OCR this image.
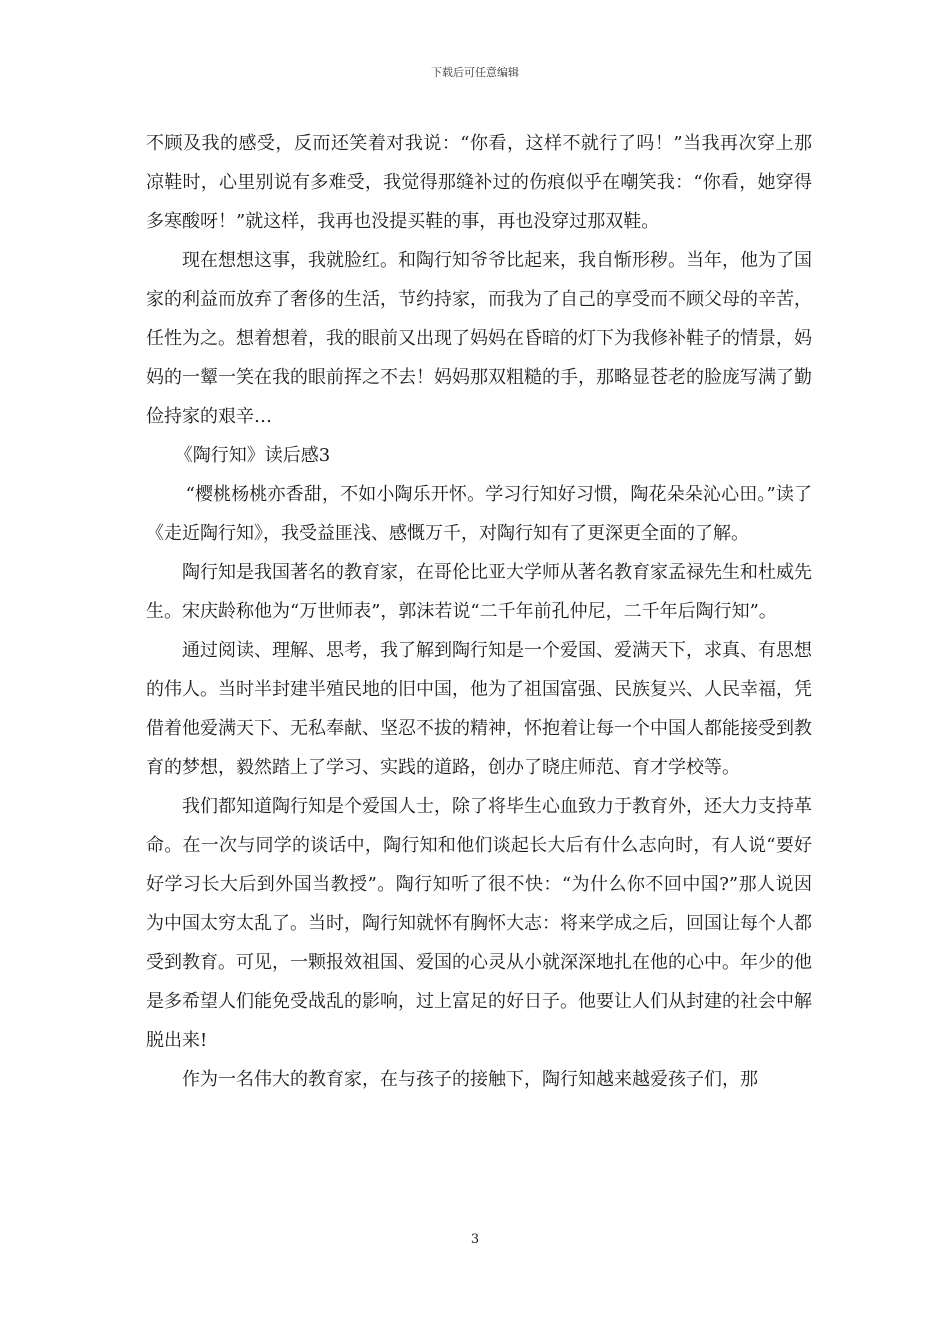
下载后可任意编辑

不顾及我的感受，反而还笑着对我说：“你看，这样不就行了吗！”当我再次穿上那凉鞋时，心里别说有多难受，我觉得那缝补过的伤痕似乎在嘲笑我：“你看，她穿得多寒酸呀！”就这样，我再也没提买鞋的事，再也没穿过那双鞋。

现在想想这事，我就脸红。和陶行知爷爷比起来，我自惭形秽。当年，他为了国家的利益而放弃了奢侈的生活，节约持家，而我为了自己的享受而不顾父母的辛苦，任性为之。想着想着，我的眼前又出现了妈妈在昏暗的灯下为我修补鞋子的情景，妈妈的一颦一笑在我的眼前挥之不去！妈妈那双粗糙的手，那略显苍老的脸庞写满了勤俭持家的艰辛…

《陶行知》读后感3

“樱桃杨桃亦香甜，不如小陶乐开怀。学习行知好习惯，陶花朵朵沁心田。”读了《走近陶行知》，我受益匪浅、感慨万千，对陶行知有了更深更全面的了解。

陶行知是我国著名的教育家，在哥伦比亚大学师从著名教育家孟禄先生和杜威先生。宋庆龄称他为“万世师表”，郭沫若说“二千年前孔仲尼，二千年后陶行知”。

通过阅读、理解、思考，我了解到陶行知是一个爱国、爱满天下，求真、有思想的伟人。当时半封建半殖民地的旧中国，他为了祖国富强、民族复兴、人民幸福，凭借着他爱满天下、无私奉献、坚忍不拔的精神，怀抱着让每一个中国人都能接受到教育的梦想，毅然踏上了学习、实践的道路，创办了晓庄师范、育才学校等。

我们都知道陶行知是个爱国人士，除了将毕生心血致力于教育外，还大力支持革命。在一次与同学的谈话中，陶行知和他们谈起长大后有什么志向时，有人说“要好好学习长大后到外国当教授”。陶行知听了很不快：“为什么你不回中国?”那人说因为中国太穷太乱了。当时，陶行知就怀有胸怀大志：将来学成之后，回国让每个人都受到教育。可见，一颗报效祖国、爱国的心灵从小就深深地扎在他的心中。年少的他是多希望人们能免受战乱的影响，过上富足的好日子。他要让人们从封建的社会中解脱出来!

作为一名伟大的教育家，在与孩子的接触下，陶行知越来越爱孩子们，那

3
